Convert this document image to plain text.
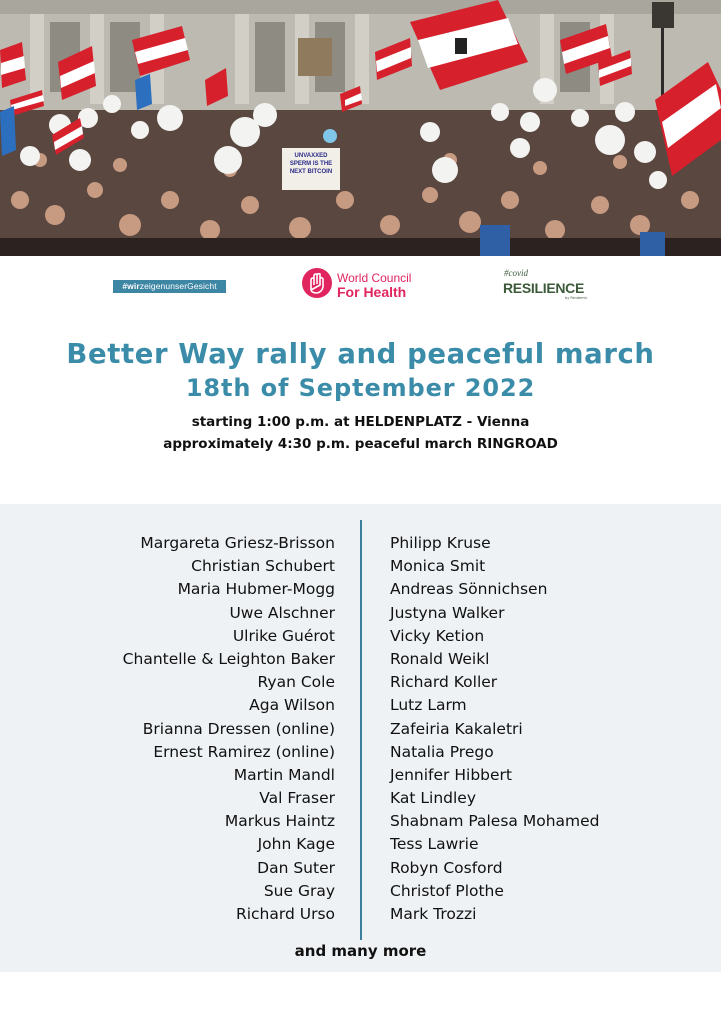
UNVAXXED SPERM IS THE NEXT BITCOIN
#wirzeigenunserGesicht
World Council
For Health
#covid
RESILIENCE
by Pandemic
Better Way rally and peaceful march
18th of September 2022
starting 1:00 p.m. at HELDENPLATZ - Vienna
approximately 4:30 p.m. peaceful march RINGROAD
Margareta Griesz-Brisson
Christian Schubert
Maria Hubmer-Mogg
Uwe Alschner
Ulrike Guérot
Chantelle & Leighton Baker
Ryan Cole
Aga Wilson
Brianna Dressen (online)
Ernest Ramirez (online)
Martin Mandl
Val Fraser
Markus Haintz
John Kage
Dan Suter
Sue Gray
Richard Urso
Philipp Kruse
Monica Smit
Andreas Sönnichsen
Justyna Walker
Vicky Ketion
Ronald Weikl
Richard Koller
Lutz Larm
Zafeiria Kakaletri
Natalia Prego
Jennifer Hibbert
Kat Lindley
Shabnam Palesa Mohamed
Tess Lawrie
Robyn Cosford
Christof Plothe
Mark Trozzi
and many more
